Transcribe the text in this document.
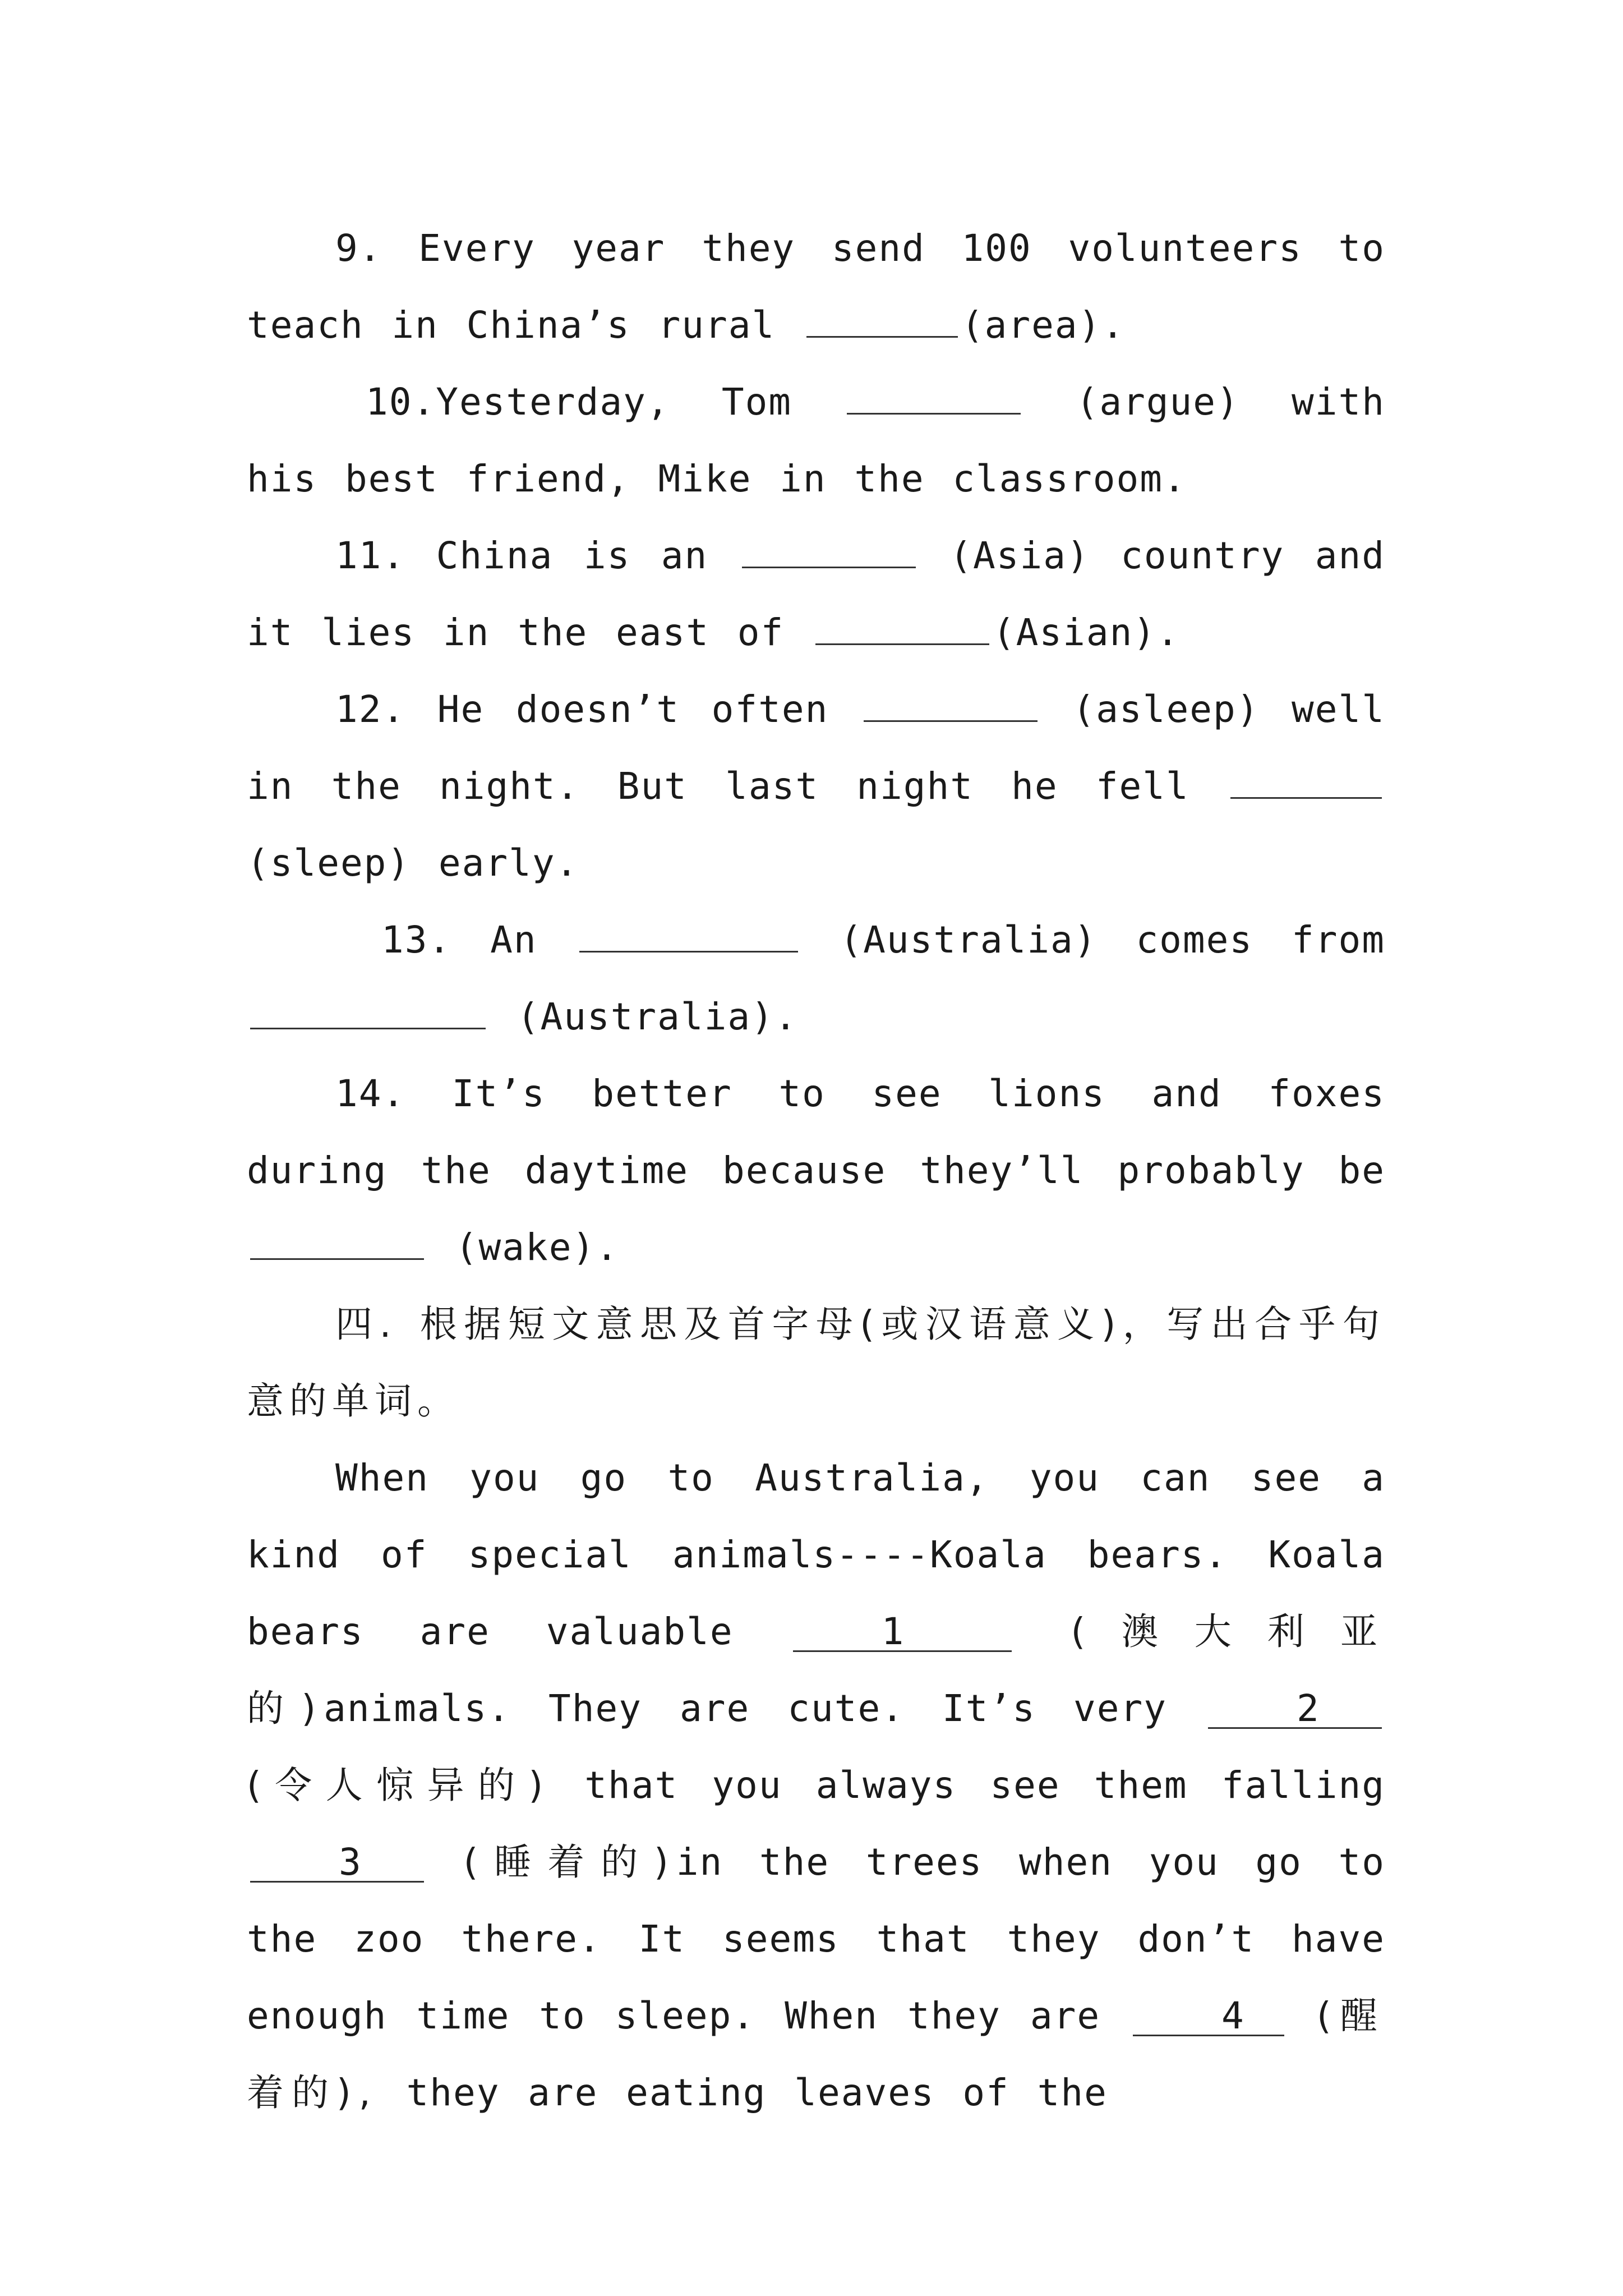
9. Every year they send 100 volunteers to teach in China’s rural	(area).

10.Yesterday, Tom	(argue) with his best friend, Mike in the classroom.

11. China is an	(Asia) country and it lies in the east of	(Asian).

12. He doesn’t often	(asleep) well in the night. But last night he fell  (sleep) early.

13. An	(Australia) comes from  (Australia).

14. It’s better to see lions and foxes during the daytime because they’ll probably be  (wake).

四. 根据短文意思及首字母(或汉语意义)，写出合乎句意的单词。

When you go to Australia, you can see a kind of special animals----Koala bears. Koala bears are valuable	1	(澳大利亚的)animals. They are cute. It’s very	2 (令人惊异的) that you always see them falling 3	(睡着的)in the trees when you go to the zoo there. It seems that they don’t have enough time to sleep. When they are	4 (醒着的), they are eating leaves of the
